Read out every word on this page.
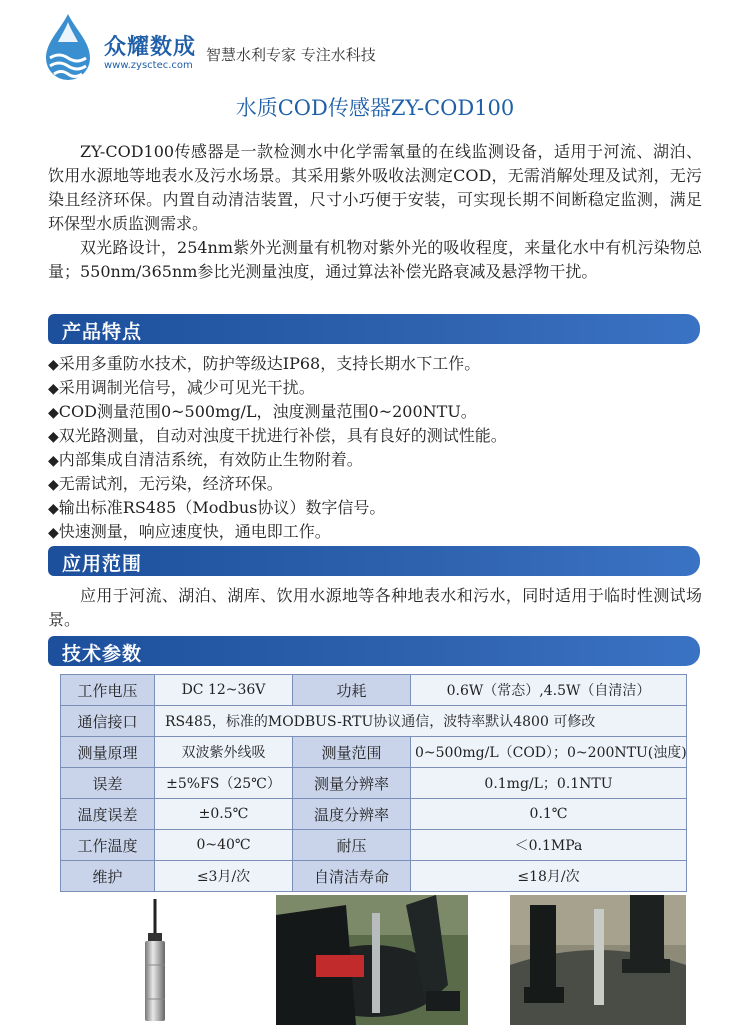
众耀数成
www.zysctec.com
智慧水利专家 专注水科技
水质COD传感器ZY-COD100

ZY-COD100传感器是一款检测水中化学需氧量的在线监测设备，适用于河流、湖泊、饮用水源地等地表水及污水场景。其采用紫外吸收法测定COD，无需消解处理及试剂，无污染且经济环保。内置自动清洁装置，尺寸小巧便于安装，可实现长期不间断稳定监测，满足环保型水质监测需求。

双光路设计，254nm紫外光测量有机物对紫外光的吸收程度，来量化水中有机污染物总量；550nm/365nm参比光测量浊度，通过算法补偿光路衰减及悬浮物干扰。

产品特点
◆ 采用多重防水技术，防护等级达IP68，支持长期水下工作。
◆ 采用调制光信号，减少可见光干扰。
◆ COD测量范围0~500mg/L，浊度测量范围0~200NTU。
◆ 双光路测量，自动对浊度干扰进行补偿，具有良好的测试性能。
◆ 内部集成自清洁系统，有效防止生物附着。
◆ 无需试剂，无污染，经济环保。
◆ 输出标准RS485（Modbus协议）数字信号。
◆ 快速测量，响应速度快，通电即工作。
应用范围

应用于河流、湖泊、湖库、饮用水源地等各种地表水和污水，同时适用于临时性测试场景。

技术参数
工作电压	DC 12~36V	功耗	0.6W（常态）,4.5W（自清洁）
通信接口	RS485，标准的MODBUS-RTU协议通信，波特率默认4800 可修改		
测量原理	双波紫外线吸	测量范围	0~500mg/L（COD）；0~200NTU(浊度)
误差	±5%FS（25℃）	测量分辨率	0.1mg/L；0.1NTU
温度误差	±0.5℃	温度分辨率	0.1℃
工作温度	0~40℃	耐压	＜0.1MPa
维护	≤3月/次	自清洁寿命	≤18月/次
